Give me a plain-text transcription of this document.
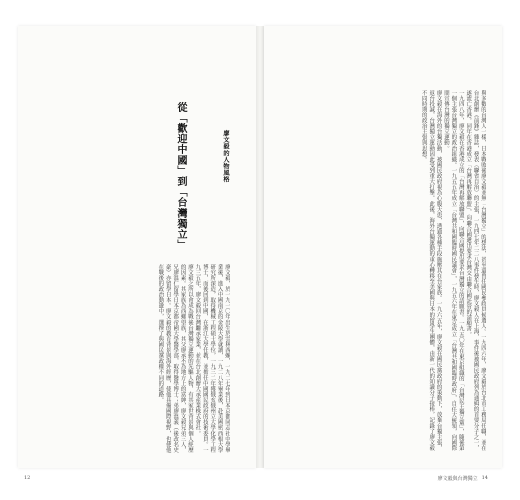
從「歡迎中國」到「台灣獨立」	廖文毅的人物風格

廖文毅，於一九一〇年出生於雲林西螺，一九二七年到日本京都同志社中學畢業後，進入中國南京的金陵大學就讀，一九二八年畢業後，赴美國密西根大學研究所深造，取得機械工程碩士學位，一九三二年獲俄亥俄州立大學化學工程博士，而後回到中國，在浙江大學任教，並擔任中國國民政府的技術委員。一九三五年，廖文毅回台灣繼承家業，並在台北創辦大承產業株式會社。

廖文毅之所以會成為戰後台灣獨立運動的先驅人物，有其家世背景與個人經歷的因素。其家族為西螺望族，其父廖承丕為地方上的富紳，廖文毅兄弟三人，兄廖溫仁留學日本京都帝國大學醫學部，取得醫學博士；弟廖溫義（後改名史豪）亦留學日本。廖文毅的教育背景與海外經歷，使他具備國際視野，也使他在戰後的政治動盪中，選擇了與國民黨政權不同的道路。

12

與多數的台灣人一樣，日本戰敗後廖文毅並無「台灣獨立」的想法，甚至還曾任國民參政員候選人。一九四六年，廖文毅於台北市工務局任職，並在台北創辦《前鋒》雜誌，發表〈聯省自治〉的主張，一九四七年二二八事件發生時，廖文毅人在上海，事件後被國民政府列為通緝的首要分子之一，遂流亡香港。同年在香港成立「台灣再解放聯盟」，向聯合國遞出要求台灣交由聯合國託管的請願書。

一九四八年，廖文毅在香港成立的「台灣再解放聯盟」，向聯合國提出要求台灣獨立的請願書。一九五〇年在東京組織的「台灣民主獨立黨」，隨後第一個主張台灣獨立的政治組織。一九五五年成立「台灣共和國臨時國民議會」，一九五六年在東京成立「台灣共和國臨時政府」，自任大統領，向國際間宣傳台灣的獨立運動。

廖文毅在海外的台獨活動，被國民政府視為心腹大患，透過各種手段施壓其在台家族。一九六五年，廖文毅在國民黨政府的策動下，放棄台獨主張，返台投誠，台灣獨立運動因此受到重大打擊。此後，海外台獨運動的重心轉移至美國與日本的留學生團體，由新一代的知識分子接棒，記錄了廖文毅不同時期的政治主張與思想。

廖文毅與台灣獨立 14
